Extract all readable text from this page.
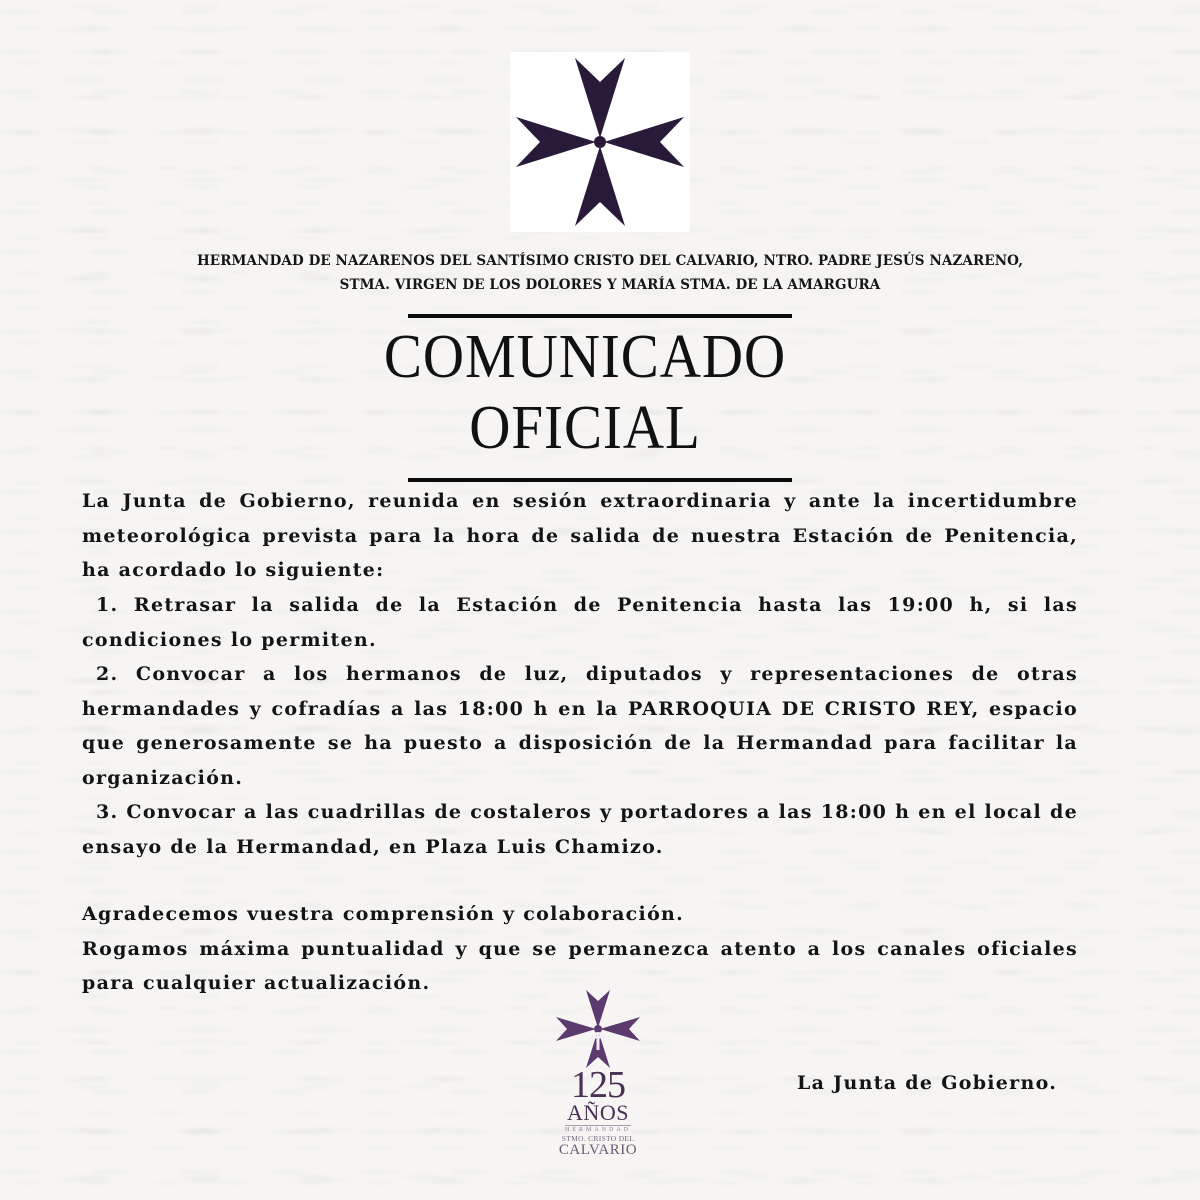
HERMANDAD DE NAZARENOS DEL SANTÍSIMO CRISTO DEL CALVARIO, NTRO. PADRE JESÚS NAZARENO,
STMA. VIRGEN DE LOS DOLORES Y MARÍA STMA. DE LA AMARGURA
COMUNICADO OFICIAL

La Junta de Gobierno, reunida en sesión extraordinaria y ante la incertidumbre meteorológica prevista para la hora de salida de nuestra Estación de Penitencia, ha acordado lo siguiente:

1. Retrasar la salida de la Estación de Penitencia hasta las 19:00 h, si las condiciones lo permiten.
2. Convocar a los hermanos de luz, diputados y representaciones de otras hermandades y cofradías a las 18:00 h en la PARROQUIA DE CRISTO REY, espacio que generosamente se ha puesto a disposición de la Hermandad para facilitar la organización.
3. Convocar a las cuadrillas de costaleros y portadores a las 18:00 h en el local de ensayo de la Hermandad, en Plaza Luis Chamizo.

Agradecemos vuestra comprensión y colaboración.

Rogamos máxima puntualidad y que se permanezca atento a los canales oficiales para cualquier actualización.

125
AÑOS
HERMANDAD
STMO. CRISTO DEL
CALVARIO
La Junta de Gobierno.
